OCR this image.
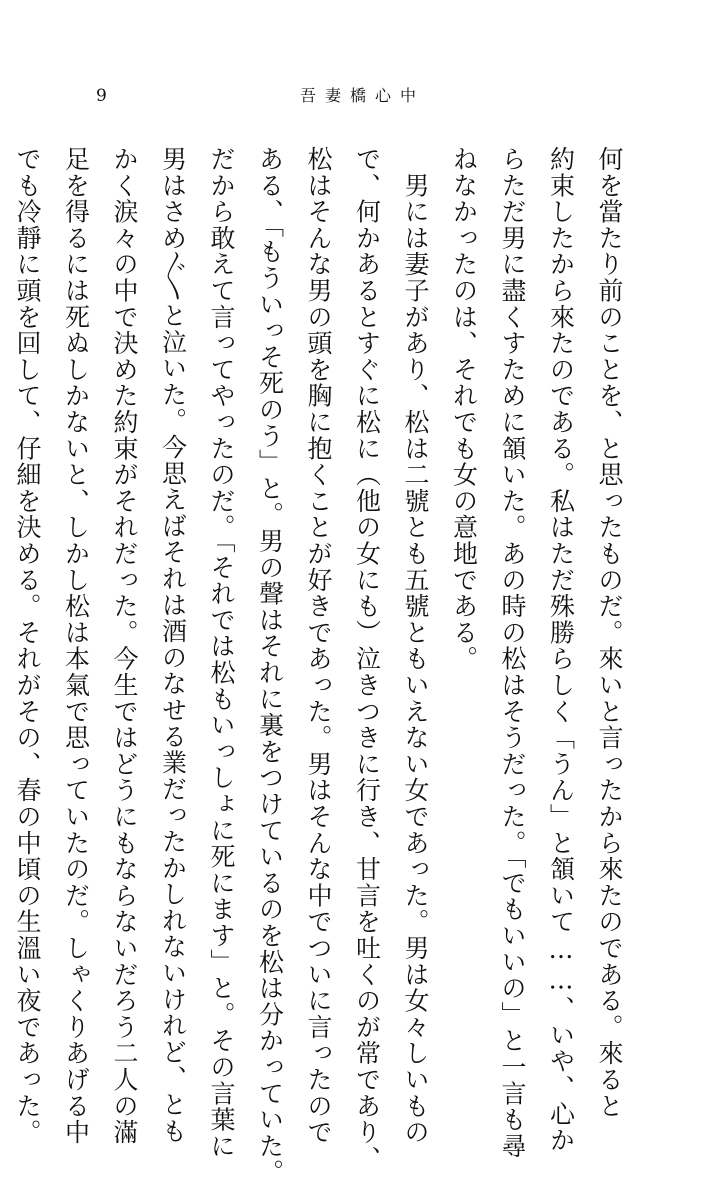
9	吾妻橋心中

何を當たり前のことを、と思ったものだ。來いと言ったから來たのである。來ると

約束したから來たのである。私はただ殊勝らしく「うん」と頷いて……、いや、心か

らただ男に盡くすために頷いた。あの時の松はそうだった。「でもいいの」と一言も尋

ねなかったのは、それでも女の意地である。

　男には妻子があり、松は二號とも五號ともいえない女であった。男は女々しいもの

で、何かあるとすぐに松に（他の女にも）泣きつきに行き、甘言を吐くのが常であり、

松はそんな男の頭を胸に抱くことが好きであった。男はそんな中でついに言ったので

ある、「もういっそ死のう」と。男の聲はそれに裏をつけているのを松は分かっていた。

だから敢えて言ってやったのだ。「それでは松もいっしょに死にます」と。その言葉に

男はさめ〴〵と泣いた。今思えばそれは酒のなせる業だったかしれないけれど、とも

かく涙々の中で決めた約束がそれだった。今生ではどうにもならないだろう二人の滿

足を得るには死ぬしかないと、しかし松は本氣で思っていたのだ。しゃくりあげる中

でも冷靜に頭を回して、仔細を決める。それがその、春の中頃の生溫い夜であった。
